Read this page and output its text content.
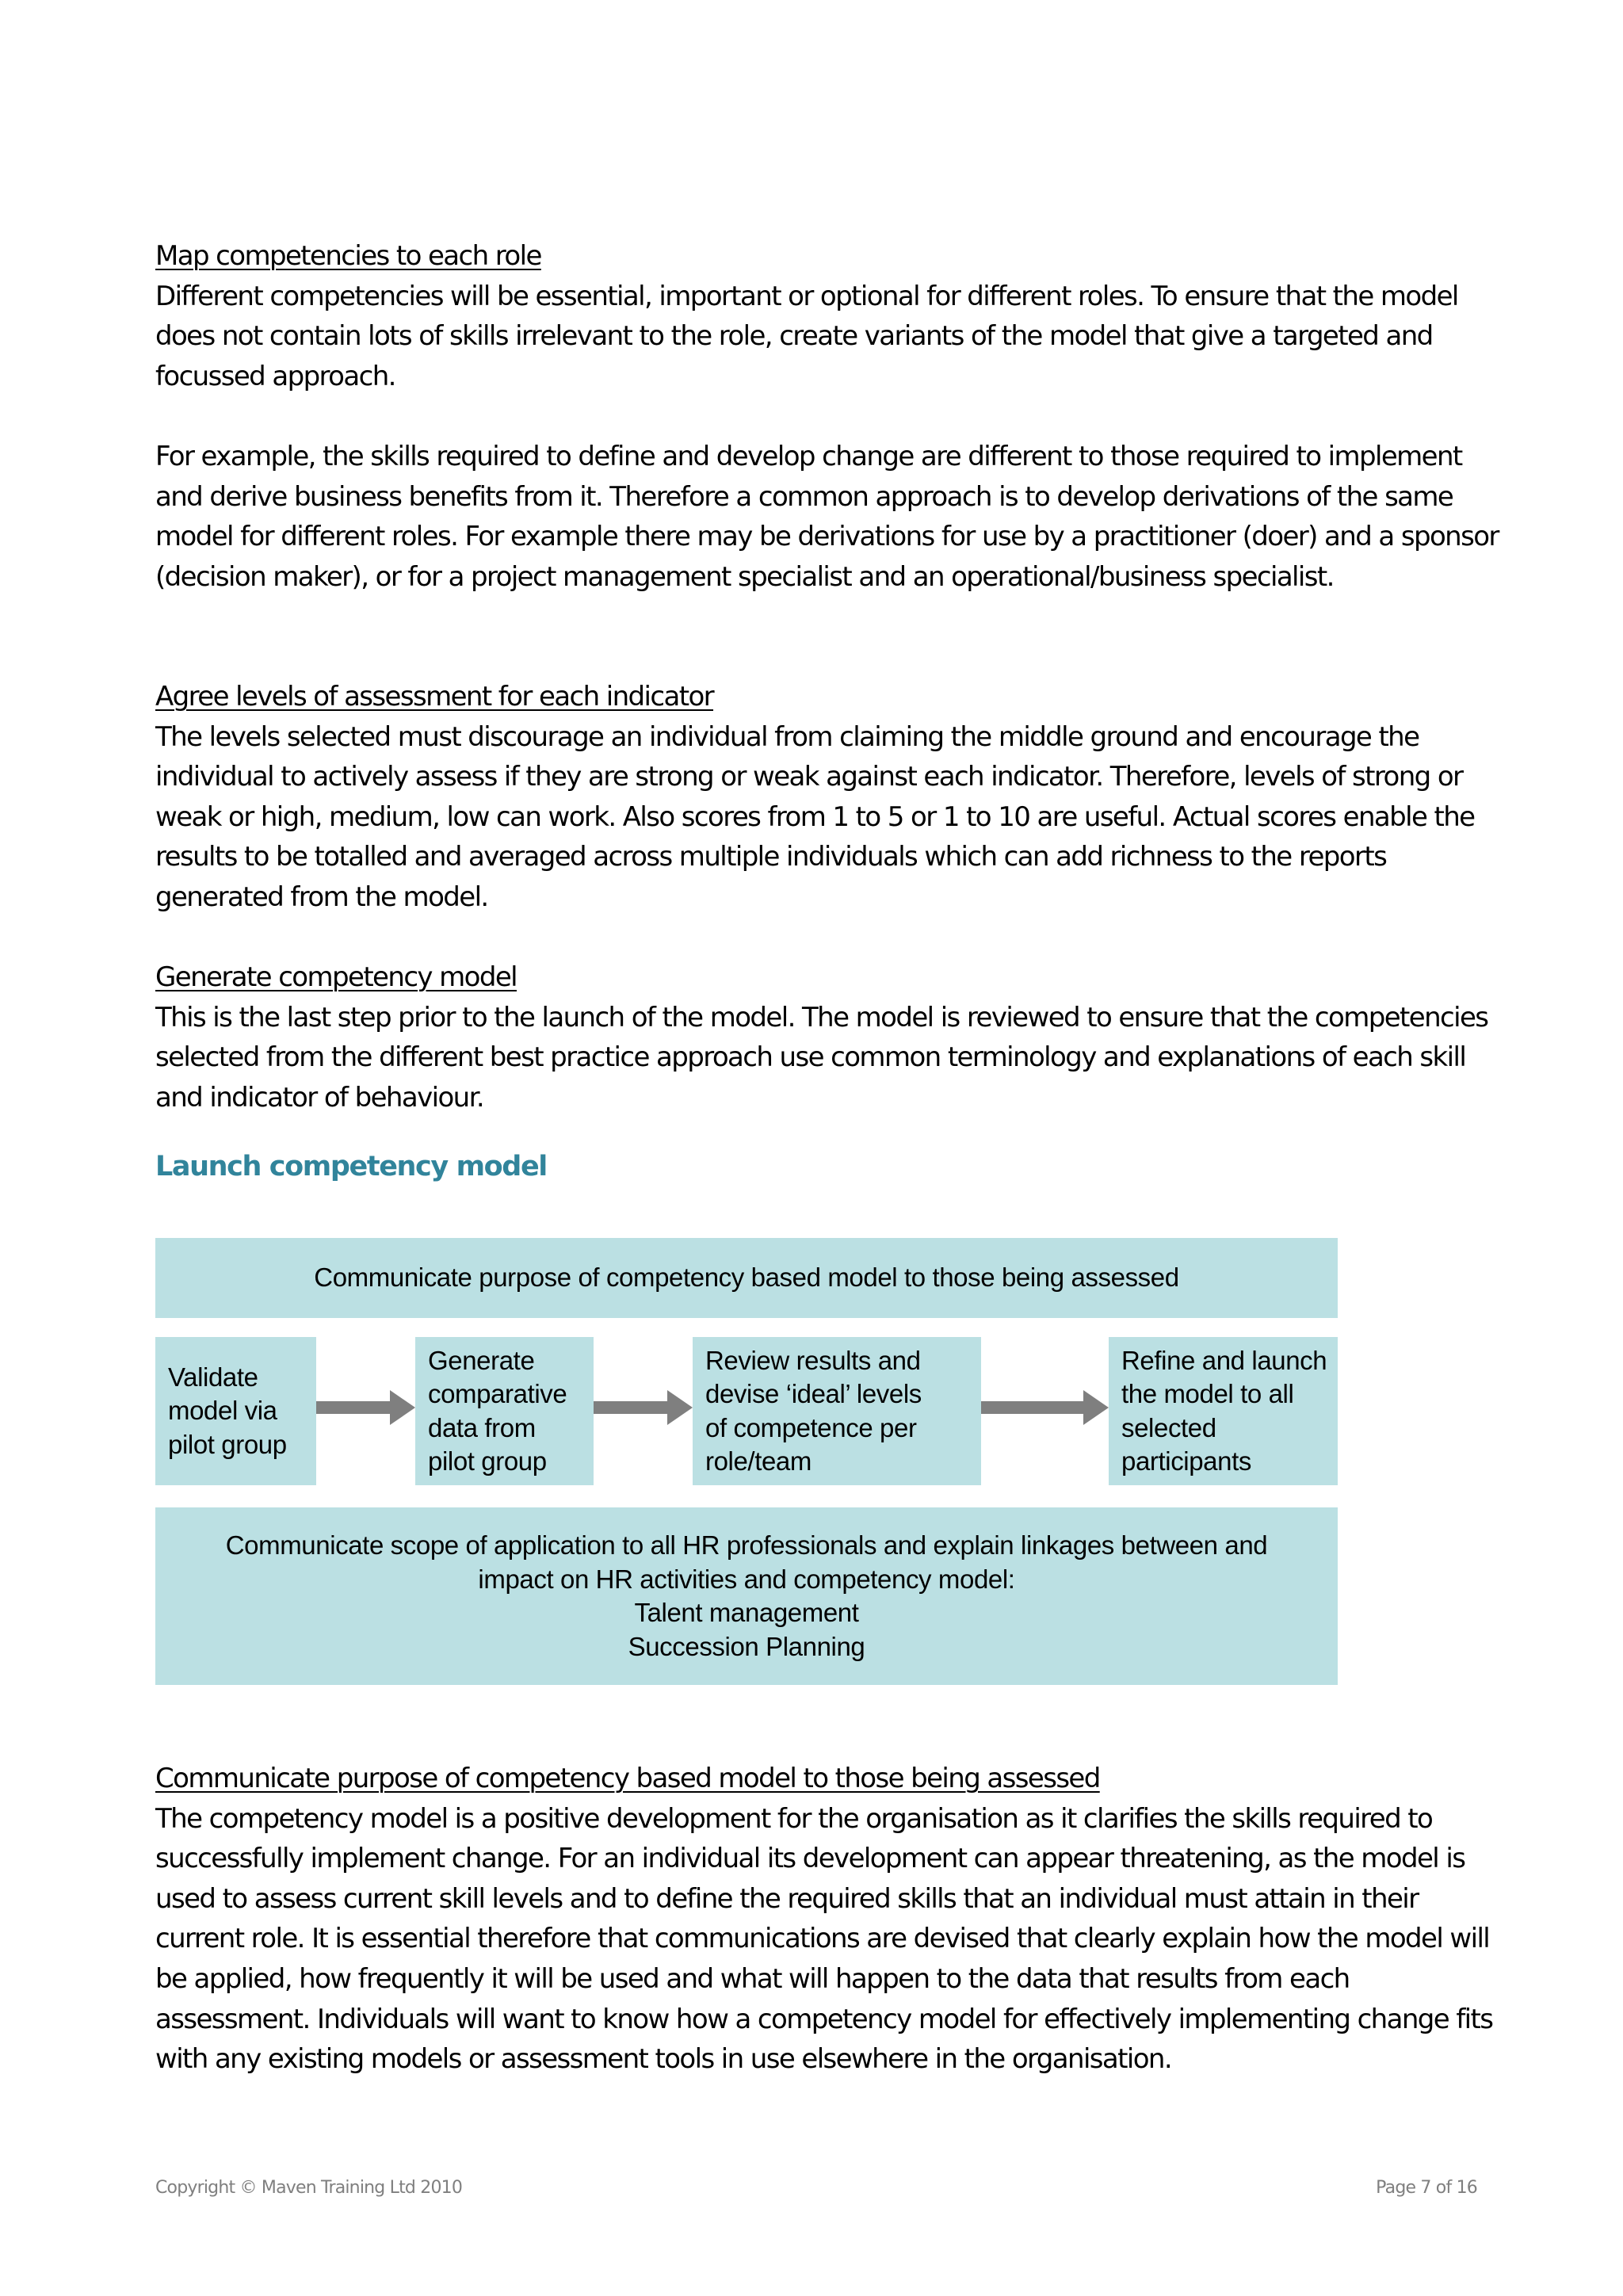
Map competencies to each role

Different competencies will be essential, important or optional for different roles. To ensure that the model does not contain lots of skills irrelevant to the role, create variants of the model that give a targeted and focussed approach.

For example, the skills required to define and develop change are different to those required to implement and derive business benefits from it. Therefore a common approach is to develop derivations of the same model for different roles. For example there may be derivations for use by a practitioner (doer) and a sponsor (decision maker), or for a project management specialist and an operational/business specialist.

Agree levels of assessment for each indicator

The levels selected must discourage an individual from claiming the middle ground and encourage the individual to actively assess if they are strong or weak against each indicator. Therefore, levels of strong or weak or high, medium, low can work. Also scores from 1 to 5 or 1 to 10 are useful. Actual scores enable the results to be totalled and averaged across multiple individuals which can add richness to the reports generated from the model.

Generate competency model

This is the last step prior to the launch of the model. The model is reviewed to ensure that the competencies selected from the different best practice approach use common terminology and explanations of each skill and indicator of behaviour.

Launch competency model
Communicate purpose of competency based model to those being assessed
Validate
model via
pilot group
Generate
comparative
data from
pilot group
Review results and
devise ‘ideal’ levels
of competence per
role/team
Refine and launch
the model to all
selected
participants
Communicate scope of application to all HR professionals and explain linkages between and
impact on HR activities and competency model:
Talent management
Succession Planning
Communicate purpose of competency based model to those being assessed

The competency model is a positive development for the organisation as it clarifies the skills required to successfully implement change. For an individual its development can appear threatening, as the model is used to assess current skill levels and to define the required skills that an individual must attain in their current role. It is essential therefore that communications are devised that clearly explain how the model will be applied, how frequently it will be used and what will happen to the data that results from each assessment. Individuals will want to know how a competency model for effectively implementing change fits with any existing models or assessment tools in use elsewhere in the organisation.

Copyright © Maven Training Ltd 2010	Page 7 of 16
